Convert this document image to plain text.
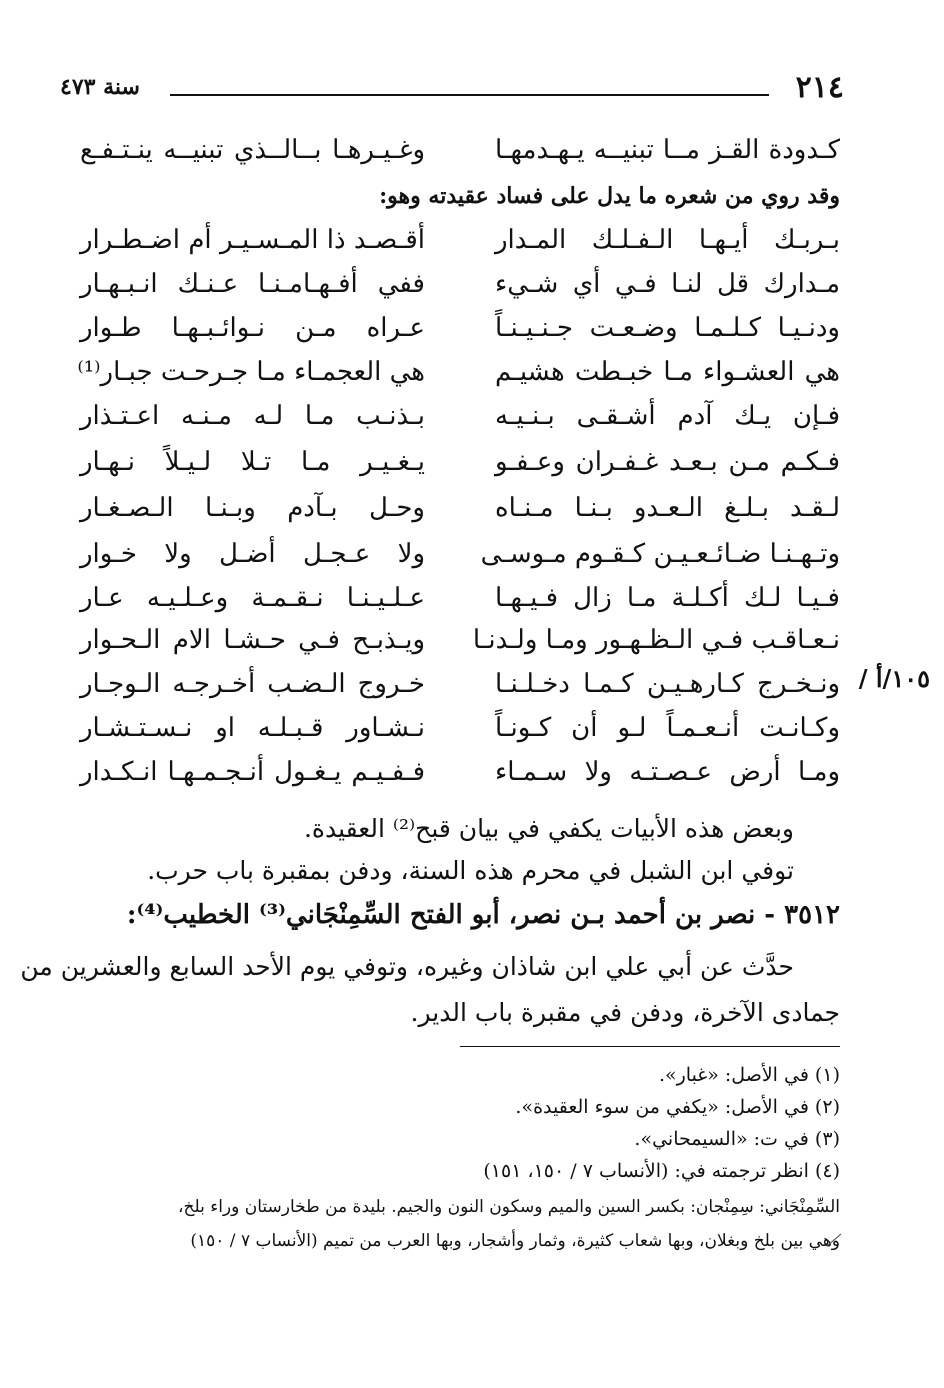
٢١٤
سنة ٤٧٣
كـدودة القـز مــا تبنيــه يـهـدمهـا
وغـيـرهـا بــالــذي تبنيــه ينـتـفـع
وقد روي من شعره ما يدل على فساد عقيدته وهو:
١٠٥/أ /
بـربـك أيـهـا الـفـلـك المـدار
أقـصـد ذا المـسـيـر أم اضـطـرار
مـدارك قل لنـا فـي أي شـيء
ففي أفـهـامـنـا عـنـك انـبـهـار
ودنـيـا كـلـمـا وضـعـت جـنـيـنـاً
عـراه مـن نـوائـبـهـا طـوار
هي العشـواء مـا خبـطت هشيـم
هي العجمـاء مـا جـرحـت جبـار⁽¹⁾
فـإن يـك آدم أشـقـى بـنـيـه
بـذنـب مـا لـه مـنـه اعـتـذار
فـكـم مـن بـعـد غـفـران وعـفـو
يـغـيـر مـا تـلا لـيـلاً نـهـار
لـقـد بـلـغ الـعـدو بـنـا مـنـاه
وحـل بـآدم وبـنـا الـصـغـار
وتـهـنـا ضـائـعـيـن كـقـوم مـوسـى
ولا عـجـل أضـل ولا خـوار
فـيـا لـك أكـلـة مـا زال فـيـهـا
عـلـيـنـا نـقـمـة وعـلـيـه عـار
نـعـاقـب فـي الـظـهـور ومـا ولـدنـا
ويـذبـح فـي حـشـا الام الـحـوار
ونـخـرج كـارهـيـن كـمـا دخـلـنـا
خـروج الـضـب أخـرجـه الـوجـار
وكـانـت أنـعـمـاً لـو أن كـونـاً
نـشـاور قـبـلـه او نـسـتـشـار
ومـا أرض عـصـتـه ولا سـمـاء
فـفـيـم يـغـول أنـجـمـهـا انـكـدار
وبعض هذه الأبيات يكفي في بيان قبح⁽²⁾ العقيدة.
توفي ابن الشبل في محرم هذه السنة، ودفن بمقبرة باب حرب.
٣٥١٢ - نصر بن أحمد بـن نصر، أبو الفتح السِّمِنْجَاني⁽³⁾ الخطيب⁽⁴⁾:
حدَّث عن أبي علي ابن شاذان وغيره، وتوفي يوم الأحد السابع والعشرين من
جمادى الآخرة، ودفن في مقبرة باب الدير.
(١) في الأصل: «غبار».
(٢) في الأصل: «يكفي من سوء العقيدة».
(٣) في ت: «السيمحاني».
(٤) انظر ترجمته في: (الأنساب ٧ / ١٥٠، ١٥١)
السِّمِنْجَاني: سِمِنْجان: بكسر السين والميم وسكون النون والجيم. بليدة من طخارستان وراء بلخ،
وهي بين بلخ وبغلان، وبها شعاب كثيرة، وثمار وأشجار، وبها العرب من تميم (الأنساب ٧ / ١٥٠)
